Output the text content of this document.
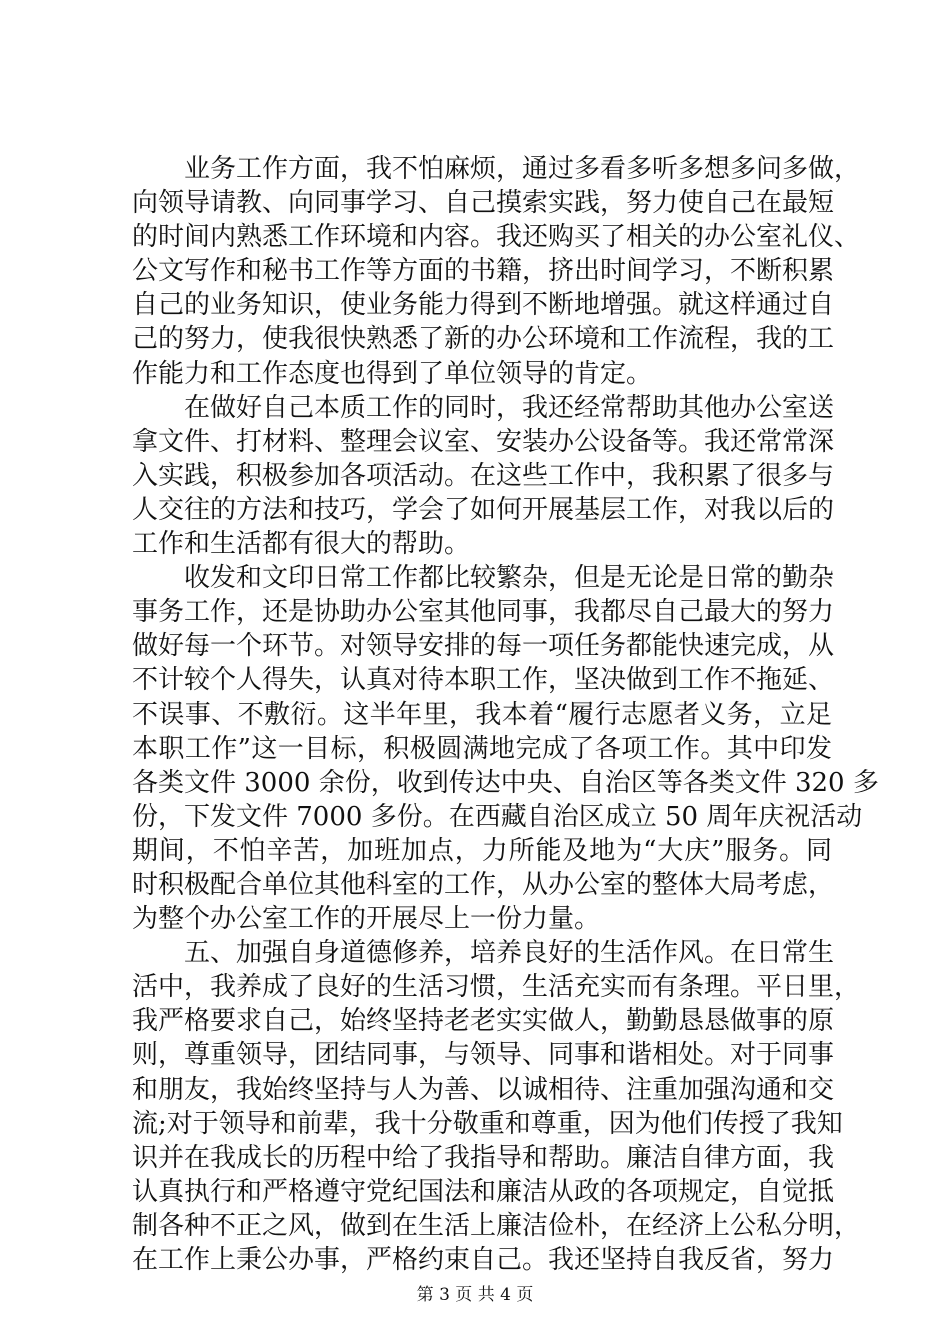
　　业务工作方面，我不怕麻烦，通过多看多听多想多问多做，
向领导请教、向同事学习、自己摸索实践，努力使自己在最短
的时间内熟悉工作环境和内容。我还购买了相关的办公室礼仪、
公文写作和秘书工作等方面的书籍，挤出时间学习，不断积累
自己的业务知识，使业务能力得到不断地增强。就这样通过自
己的努力，使我很快熟悉了新的办公环境和工作流程，我的工
作能力和工作态度也得到了单位领导的肯定。
　　在做好自己本质工作的同时，我还经常帮助其他办公室送
拿文件、打材料、整理会议室、安装办公设备等。我还常常深
入实践，积极参加各项活动。在这些工作中，我积累了很多与
人交往的方法和技巧，学会了如何开展基层工作，对我以后的
工作和生活都有很大的帮助。
　　收发和文印日常工作都比较繁杂，但是无论是日常的勤杂
事务工作，还是协助办公室其他同事，我都尽自己最大的努力
做好每一个环节。对领导安排的每一项任务都能快速完成，从
不计较个人得失，认真对待本职工作，坚决做到工作不拖延、
不误事、不敷衍。这半年里，我本着“履行志愿者义务，立足
本职工作”这一目标，积极圆满地完成了各项工作。其中印发
各类文件 3000 余份，收到传达中央、自治区等各类文件 320 多
份，下发文件 7000 多份。在西藏自治区成立 50 周年庆祝活动
期间，不怕辛苦，加班加点，力所能及地为“大庆”服务。同
时积极配合单位其他科室的工作，从办公室的整体大局考虑，
为整个办公室工作的开展尽上一份力量。
　　五、加强自身道德修养，培养良好的生活作风。在日常生
活中，我养成了良好的生活习惯，生活充实而有条理。平日里，
我严格要求自己，始终坚持老老实实做人，勤勤恳恳做事的原
则，尊重领导，团结同事，与领导、同事和谐相处。对于同事
和朋友，我始终坚持与人为善、以诚相待、注重加强沟通和交
流;对于领导和前辈，我十分敬重和尊重，因为他们传授了我知
识并在我成长的历程中给了我指导和帮助。廉洁自律方面，我
认真执行和严格遵守党纪国法和廉洁从政的各项规定，自觉抵
制各种不正之风，做到在生活上廉洁俭朴，在经济上公私分明，
在工作上秉公办事，严格约束自己。我还坚持自我反省，努力
第 3 页 共 4 页
